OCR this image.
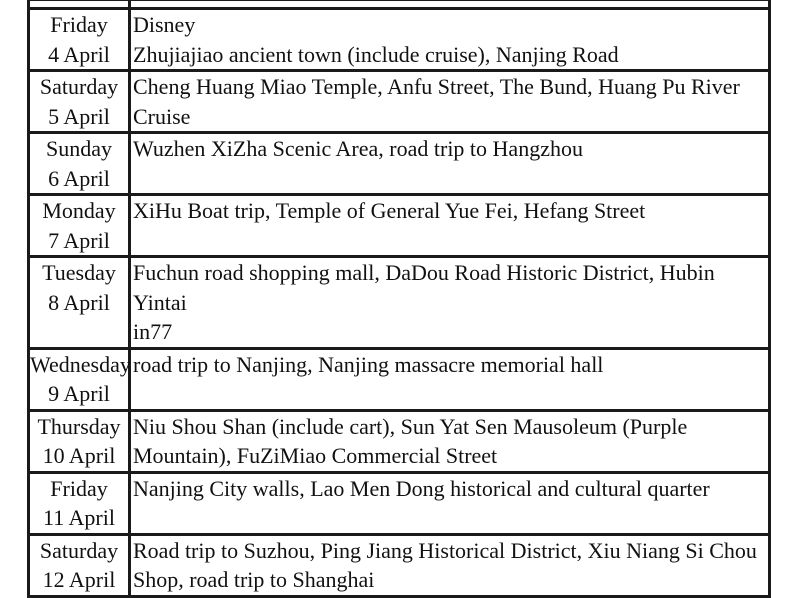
Friday
4 April	Disney
Zhujiajiao ancient town (include cruise), Nanjing Road

Saturday
5 April	Cheng Huang Miao Temple, Anfu Street, The Bund, Huang Pu River
Cruise

Sunday
6 April	Wuzhen XiZha Scenic Area, road trip to Hangzhou

Monday
7 April	XiHu Boat trip, Temple of General Yue Fei, Hefang Street

Tuesday
8 April	Fuchun road shopping mall, DaDou Road Historic District, Hubin Yintai
in77

Wednesday
9 April	road trip to Nanjing, Nanjing massacre memorial hall

Thursday
10 April	Niu Shou Shan (include cart), Sun Yat Sen Mausoleum (Purple
Mountain), FuZiMiao Commercial Street

Friday
11 April	Nanjing City walls, Lao Men Dong historical and cultural quarter

Saturday
12 April	Road trip to Suzhou, Ping Jiang Historical District, Xiu Niang Si Chou
Shop, road trip to Shanghai
